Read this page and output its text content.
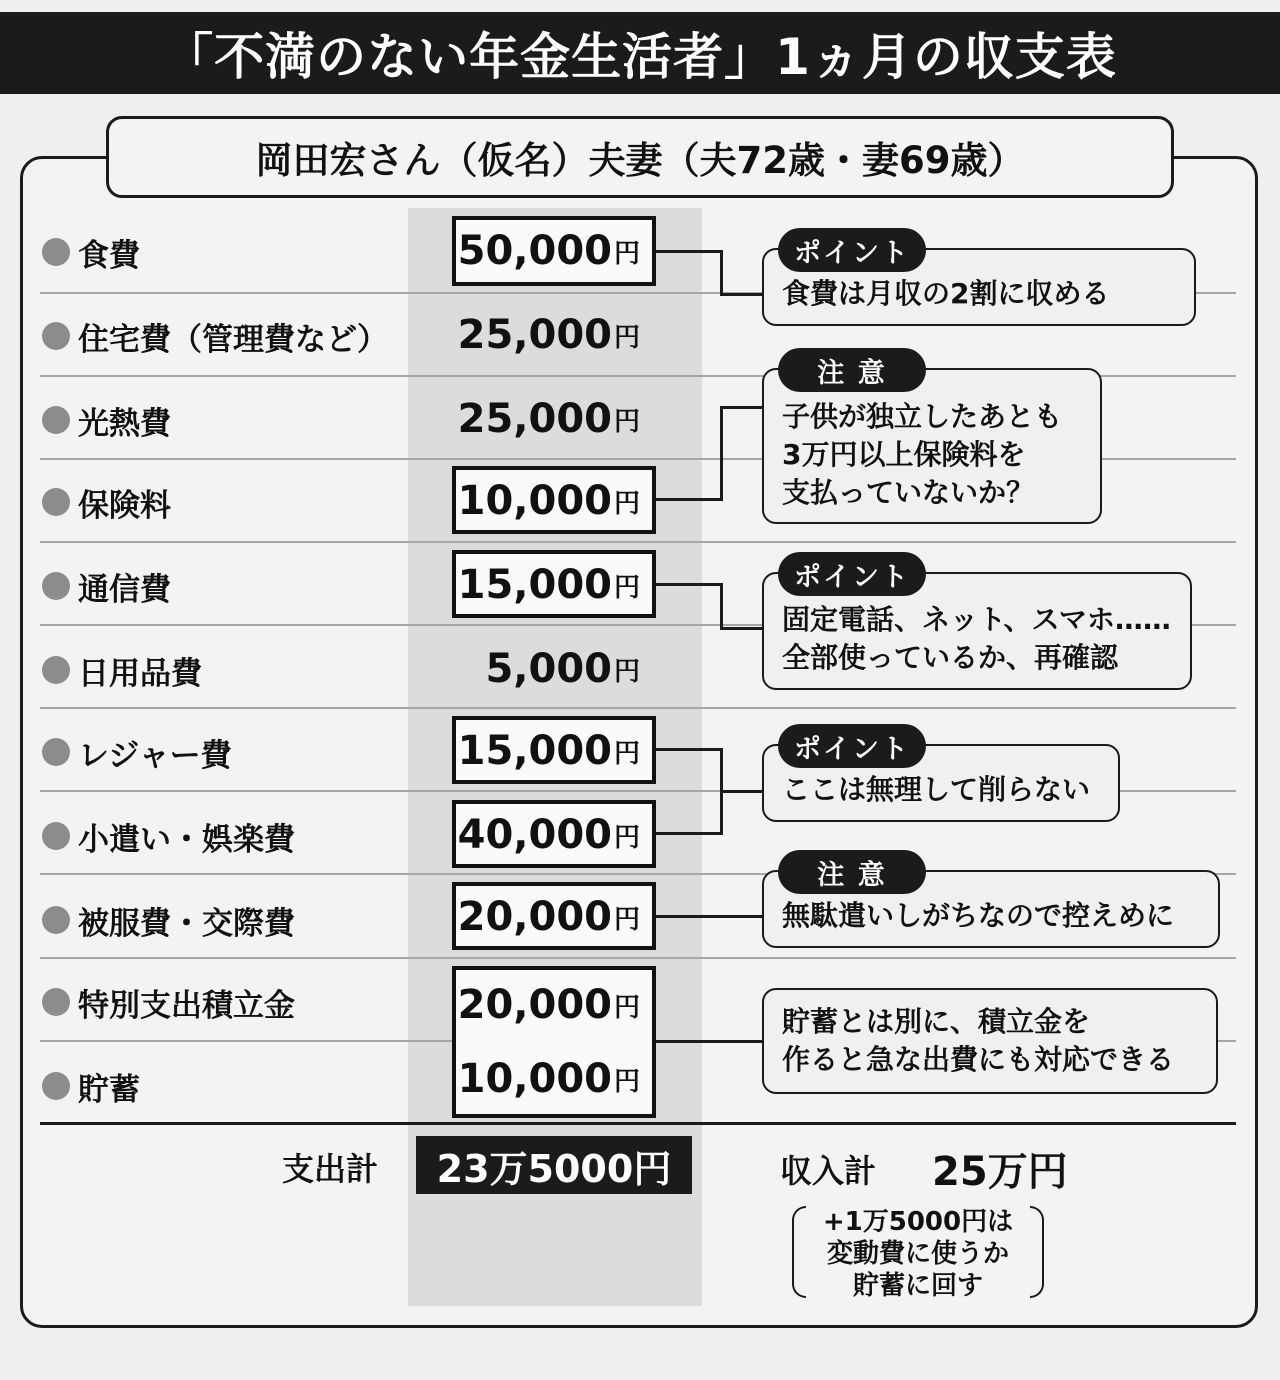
「不満のない年金生活者」1ヵ月の収支表
岡田宏さん（仮名）夫妻（夫72歳・妻69歳）
食費
住宅費（管理費など）
光熱費
保険料
通信費
日用品費
レジャー費
小遣い・娯楽費
被服費・交際費
特別支出積立金
貯蓄
50,000 円
25,000 円
25,000 円
10,000 円
15,000 円
5,000 円
15,000 円
40,000 円
20,000 円
20,000 円
10,000 円
食費は月収の2割に収める
ポイント
子供が独立したあとも
3万円以上保険料を
支払っていないか？
注 意
固定電話、ネット、スマホ……
全部使っているか、再確認
ポイント
ここは無理して削らない
ポイント
無駄遣いしがちなので控えめに
注 意
貯蓄とは別に、積立金を
作ると急な出費にも対応できる
支出計	23万5000円	収入計 25万円
+1万5000円は
変動費に使うか
貯蓄に回す
